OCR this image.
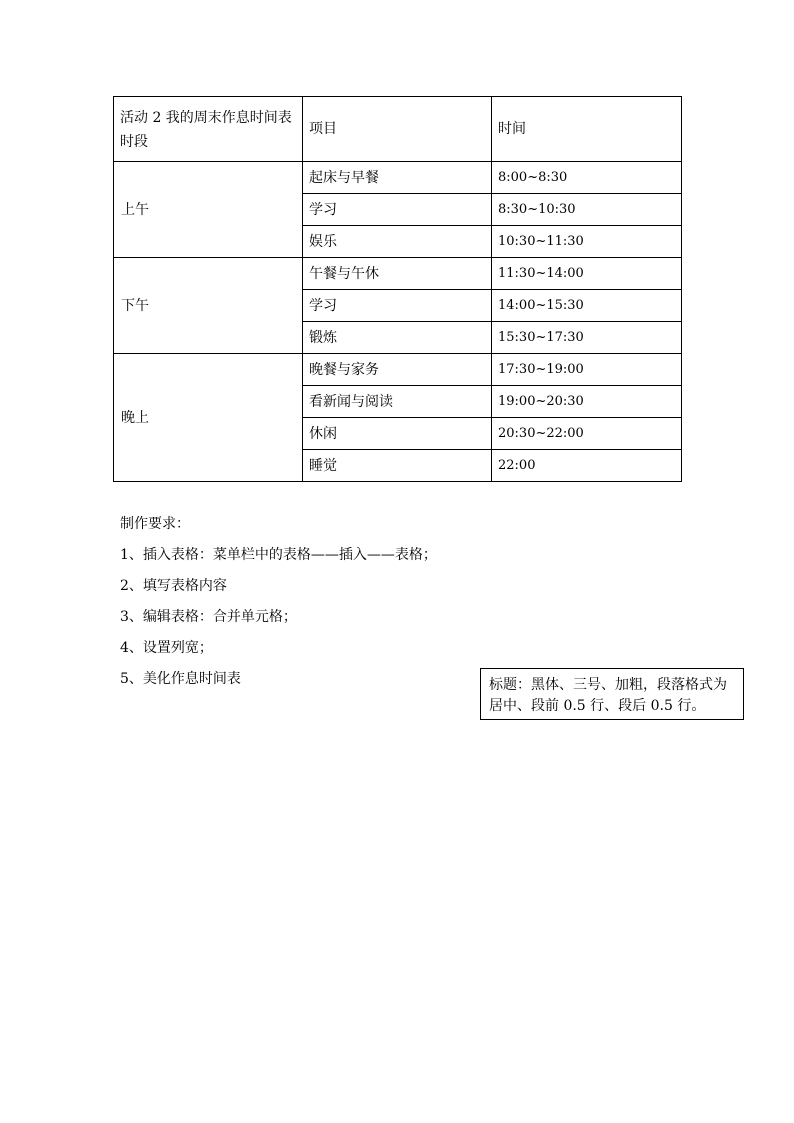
活动 2 我的周末作息时间表
时段	项目	时间
上午	起床与早餐	8:00~8:30
	学习	8:30~10:30
	娱乐	10:30~11:30
下午	午餐与午休	11:30~14:00
	学习	14:00~15:30
	锻炼	15:30~17:30
晚上	晚餐与家务	17:30~19:00
	看新闻与阅读	19:00~20:30
	休闲	20:30~22:00
	睡觉	22:00

制作要求：

1、插入表格：菜单栏中的表格——插入——表格；

2、填写表格内容

3、编辑表格：合并单元格；

4、设置列宽；

5、美化作息时间表	标题：黑体、三号、加粗，段落格式为居中、段前 0.5 行、段后 0.5 行。
